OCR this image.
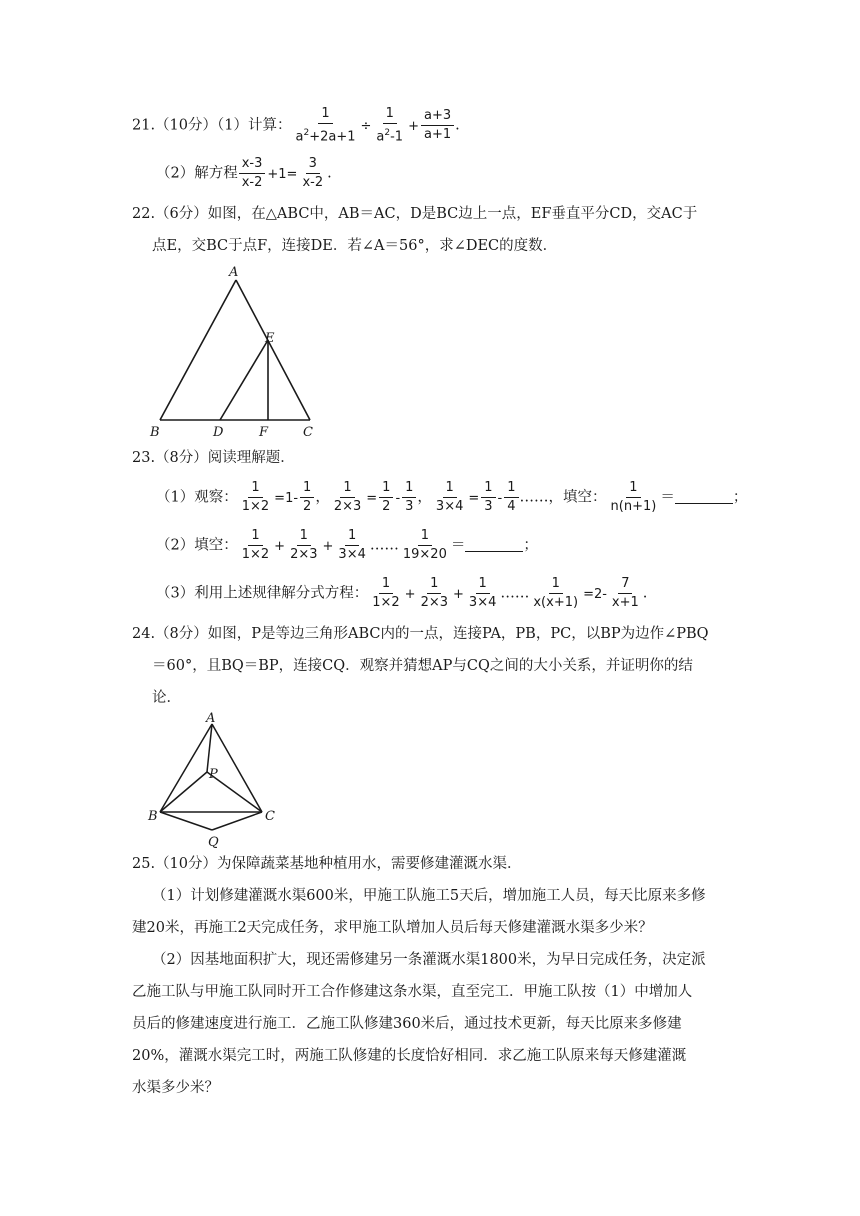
21.（10分）（1）计算： $\frac{1}{a^2+2a+1} \div \frac{1}{a^2-1} + \frac{a+3}{a+1}$ .
（2）解方程 $\frac{x-3}{x-2} +1= \frac{3}{x-2}$ .
22.（6分）如图，在△ABC中，AB＝AC，D是BC边上一点，EF垂直平分CD，交AC于
点E，交BC于点F，连接DE．若∠A＝56°，求∠DEC的度数．
A
E
B	D	F	C
23.（8分）阅读理解题．
（1）观察： $\frac{1}{1\times 2} =1- \frac{1}{2}$ ， $\frac{1}{2\times 3} = \frac{1}{2} - \frac{1}{3}$ ， $\frac{1}{3\times 4} = \frac{1}{3} - \frac{1}{4}$ ……，填空： $\frac{1}{n(n+1)}$ ＝	；
（2）填空： $\frac{1}{1\times 2} + \frac{1}{2\times 3} + \frac{1}{3\times 4}$ …… $\frac{1}{19\times 20}$ ＝	；
（3）利用上述规律解分式方程： $\frac{1}{1\times 2} + \frac{1}{2\times 3} + \frac{1}{3\times 4}$ …… $\frac{1}{x(x+1)} =2- \frac{7}{x+1}$ .
24.（8分）如图，P是等边三角形ABC内的一点，连接PA，PB，PC，以BP为边作∠PBQ
＝60°，且BQ＝BP，连接CQ．观察并猜想AP与CQ之间的大小关系，并证明你的结
论．
A
P
B	C
Q
25.（10分）为保障蔬菜基地种植用水，需要修建灌溉水渠．
（1）计划修建灌溉水渠600米，甲施工队施工5天后，增加施工人员，每天比原来多修
建20米，再施工2天完成任务，求甲施工队增加人员后每天修建灌溉水渠多少米？
（2）因基地面积扩大，现还需修建另一条灌溉水渠1800米，为早日完成任务，决定派
乙施工队与甲施工队同时开工合作修建这条水渠，直至完工．甲施工队按（1）中增加人
员后的修建速度进行施工．乙施工队修建360米后，通过技术更新，每天比原来多修建
20%，灌溉水渠完工时，两施工队修建的长度恰好相同．求乙施工队原来每天修建灌溉
水渠多少米？
